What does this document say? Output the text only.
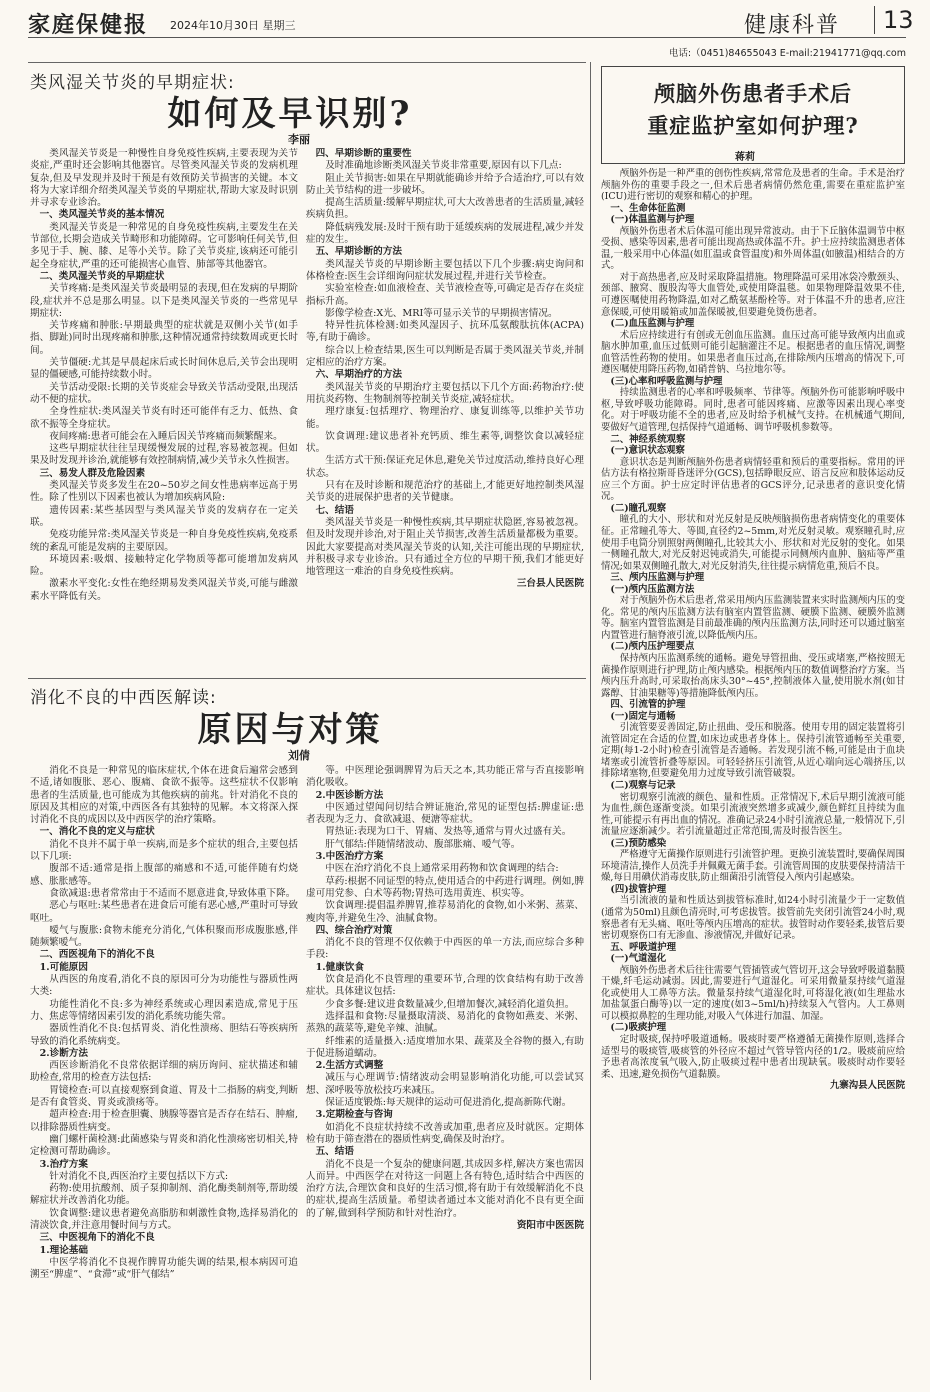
家庭保健报 2024年10月30日 星期三	健康科普	13
电话:（0451)84655043 E-mail:21941771@qq.com
类风湿关节炎的早期症状:
如何及早识别?
李丽

类风湿关节炎是一种慢性自身免疫性疾病,主要表现为关节炎症,严重时还会影响其他器官。尽管类风湿关节炎的发病机理复杂,但及早发现并及时干预是有效预防关节损害的关键。本文将为大家详细介绍类风湿关节炎的早期症状,帮助大家及时识别并寻求专业诊治。

一、类风湿关节炎的基本情况

类风湿关节炎是一种常见的自身免疫性疾病,主要发生在关节部位,长期会造成关节畸形和功能障碍。它可影响任何关节,但多见于手、腕、膝、足等小关节。除了关节炎症,该病还可能引起全身症状,严重的还可能损害心血管、肺部等其他器官。

二、类风湿关节炎的早期症状

关节疼痛:是类风湿关节炎最明显的表现,但在发病的早期阶段,症状并不总是那么明显。以下是类风湿关节炎的一些常见早期症状:

关节疼痛和肿胀:早期最典型的症状就是双侧小关节(如手指、脚趾)同时出现疼痛和肿胀,这种情况通常持续数周或更长时间。

关节僵硬:尤其是早晨起床后或长时间休息后,关节会出现明显的僵硬感,可能持续数小时。

关节活动受限:长期的关节炎症会导致关节活动受限,出现活动不便的症状。

全身性症状:类风湿关节炎有时还可能伴有乏力、低热、食欲不振等全身症状。

夜间疼痛:患者可能会在入睡后因关节疼痛而频繁醒来。

这些早期症状往往呈现缓慢发展的过程,容易被忽视。但如果及时发现并诊治,就能够有效控制病情,减少关节永久性损害。

三、易发人群及危险因素

类风湿关节炎多发生在20~50岁之间女性患病率远高于男性。除了性别以下因素也被认为增加疾病风险:

遗传因素:某些基因型与类风湿关节炎的发病存在一定关联。

免疫功能异常:类风湿关节炎是一种自身免疫性疾病,免疫系统的紊乱可能是发病的主要原因。

环境因素:吸烟、接触特定化学物质等都可能增加发病风险。

激素水平变化:女性在绝经期易发类风湿关节炎,可能与雌激素水平降低有关。

四、早期诊断的重要性

及时准确地诊断类风湿关节炎非常重要,原因有以下几点:

阻止关节损害:如果在早期就能确诊并给予合适治疗,可以有效防止关节结构的进一步破坏。

提高生活质量:缓解早期症状,可大大改善患者的生活质量,减轻疾病负担。

降低病残发展:及时干预有助于延缓疾病的发展进程,减少并发症的发生。

五、早期诊断的方法

类风湿关节炎的早期诊断主要包括以下几个步骤:病史询问和体格检查:医生会详细询问症状发展过程,并进行关节检查。

实验室检查:如血液检查、关节液检查等,可确定是否存在炎症指标升高。

影像学检查:X光、MRI等可显示关节的早期损害情况。

特异性抗体检测:如类风湿因子、抗环瓜氨酸肽抗体(ACPA)等,有助于确诊。

综合以上检查结果,医生可以判断是否属于类风湿关节炎,并制定相应的治疗方案。

六、早期治疗的方法

类风湿关节炎的早期治疗主要包括以下几个方面:药物治疗:使用抗炎药物、生物制剂等控制关节炎症,减轻症状。

理疗康复:包括理疗、物理治疗、康复训练等,以维护关节功能。

饮食调理:建议患者补充钙质、维生素等,调整饮食以减轻症状。

生活方式干预:保证充足休息,避免关节过度活动,维持良好心理状态。

只有在及时诊断和规范治疗的基础上,才能更好地控制类风湿关节炎的进展保护患者的关节健康。

七、结语

类风湿关节炎是一种慢性疾病,其早期症状隐匿,容易被忽视。但及时发现并诊治,对于阻止关节损害,改善生活质量都极为重要。因此大家要提高对类风湿关节炎的认知,关注可能出现的早期症状,并积极寻求专业诊治。只有通过全方位的早期干预,我们才能更好地管理这一难治的自身免疫性疾病。

三台县人民医院

消化不良的中西医解读:
原因与对策
刘倩

消化不良是一种常见的临床症状,个体在进食后遍常会感到不适,诸如腹胀、恶心、腹痛、食欲不振等。这些症状不仅影响患者的生活质量,也可能成为其他疾病的前兆。针对消化不良的原因及其相应的对策,中西医各有其独特的见解。本文将深入探讨消化不良的成因以及中西医学的治疗策略。

一、消化不良的定义与症状

消化不良并不属于单一疾病,而是多个症状的组合,主要包括以下几项:

腹部不适:通常是指上腹部的痛感和不适,可能伴随有灼烧感、胀胀感等。

食欲减退:患者常常由于不适而不愿意进食,导致体重下降。

恶心与呕吐:某些患者在进食后可能有恶心感,严重时可导致呕吐。

嗳气与腹胀:食物未能充分消化,气体积聚而形成腹胀感,伴随频繁嗳气。

二、西医视角下的消化不良

1.可能原因

从西医的角度看,消化不良的原因可分为功能性与器质性两大类:

功能性消化不良:多为神经系统或心理因素造成,常见于压力、焦虑等情绪因素引发的消化系统功能失常。

器质性消化不良:包括胃炎、消化性溃疡、胆结石等疾病所导致的消化系统病变。

2.诊断方法

西医诊断消化不良常依据详细的病历询问、症状描述和辅助检查,常用的检查方法包括:

胃镜检查:可以直接观察到食道、胃及十二指肠的病变,判断是否有食管炎、胃炎或溃疡等。

超声检查:用于检查胆囊、胰腺等器官是否存在结石、肿瘤,以排除器质性病变。

幽门螺杆菌检测:此菌感染与胃炎和消化性溃疡密切相关,特定检测可帮助确诊。

3.治疗方案

针对消化不良,西医治疗主要包括以下方式:

药物:使用抗酸剂、质子泵抑制剂、消化酶类制剂等,帮助缓解症状并改善消化功能。

饮食调整:建议患者避免高脂肪和刺激性食物,选择易消化的清淡饮食,并注意用餐时间与方式。

三、中医视角下的消化不良

1.理论基础

中医学将消化不良视作脾胃功能失调的结果,根本病因可追溯至“脾虚”、“食滞”或“肝气郁结”

等。中医理论强调脾胃为后天之本,其功能正常与否直接影响消化吸收。

2.中医诊断方法

中医通过望闻问切结合辨证施治,常见的证型包括:脾虚证:患者表现为乏力、食欲减退、便溏等症状。

胃热证:表现为口干、胃痛、发热等,通常与胃火过盛有关。

肝气郁结:伴随情绪波动、腹部胀痛、嗳气等。

3.中医治疗方案

中医在治疗消化不良上通常采用药物和饮食调理的结合:

草药:根据不同证型的特点,使用适合的中药进行调理。例如,脾虚可用党参、白术等药物;胃热可选用黄连、枳实等。

饮食调理:提倡温养脾胃,推荐易消化的食物,如小米粥、蒸菜、瘦肉等,并避免生冷、油腻食物。

四、综合治疗对策

消化不良的管理不仅依赖于中西医的单一方法,而应综合多种手段:

1.健康饮食

饮食是消化不良管理的重要环节,合理的饮食结构有助于改善症状。具体建议包括:

少食多餐:建议进食数量减少,但增加餐次,减轻消化道负担。

选择温和食物:尽量摄取清淡、易消化的食物如燕麦、米粥、蒸熟的蔬菜等,避免辛辣、油腻。

纤维素的适量摄入:适度增加水果、蔬菜及全谷物的摄入,有助于促进肠道蠕动。

2.生活方式调整

减压与心理调节:情绪波动会明显影响消化功能,可以尝试冥想、深呼吸等放松技巧来减压。

保证适度锻炼:每天规律的运动可促进消化,提高新陈代谢。

3.定期检查与咨询

如消化不良症状持续不改善或加重,患者应及时就医。定期体检有助于筛查潜在的器质性病变,确保及时治疗。

五、结语

消化不良是一个复杂的健康问题,其成因多样,解决方案也需因人而异。中西医学在对待这一问题上各有特色,适时结合中西医的治疗方法,合理饮食和良好的生活习惯,将有助于有效缓解消化不良的症状,提高生活质量。希望读者通过本文能对消化不良有更全面的了解,做到科学预防和针对性治疗。

资阳市中医医院

颅脑外伤患者手术后
重症监护室如何护理?
蒋莉

颅脑外伤是一种严重的创伤性疾病,常常危及患者的生命。手术是治疗颅脑外伤的重要手段之一,但术后患者病情仍然危重,需要在重症监护室(ICU)进行密切的观察和精心的护理。

一、生命体征监测

(一)体温监测与护理

颅脑外伤患者术后体温可能出现异常波动。由于下丘脑体温调节中枢受损、感染等因素,患者可能出现高热或体温不升。护士应持续监测患者体温,一般采用中心体温(如肛温或食管温度)和外周体温(如腋温)相结合的方式。

对于高热患者,应及时采取降温措施。物理降温可采用冰袋冷敷颈头、颈部、腋窝、腹股沟等大血管处,或使用降温毯。如果物理降温效果不佳,可遵医嘱使用药物降温,如对乙酰氨基酚栓等。对于体温不升的患者,应注意保暖,可使用暖箱或加盖保暖被,但要避免烫伤患者。

(二)血压监测与护理

术后应持续进行有创或无创血压监测。血压过高可能导致颅内出血或脑水肿加重,血压过低则可能引起脑灌注不足。根据患者的血压情况,调整血管活性药物的使用。如果患者血压过高,在排除颅内压增高的情况下,可遵医嘱使用降压药物,如硝普钠、乌拉地尔等。

(三)心率和呼吸监测与护理

持续监测患者的心率和呼吸频率、节律等。颅脑外伤可能影响呼吸中枢,导致呼吸功能障碍。同时,患者可能因疼痛、应激等因素出现心率变化。对于呼吸功能不全的患者,应及时给予机械气支持。在机械通气期间,要做好气道管理,包括保持气道通畅、调节呼吸机参数等。

二、神经系统观察

(一)意识状态观察

意识状态是判断颅脑外伤患者病情轻重和预后的重要指标。常用的评估方法有格拉斯哥昏迷评分(GCS),包括睁眼反应、语言反应和肢体运动反应三个方面。护士应定时评估患者的GCS评分,记录患者的意识变化情况。

(二)瞳孔观察

瞳孔的大小、形状和对光反射是反映颅脑损伤患者病情变化的重要体征。正常瞳孔等大、等圆,直径约2~5mm,对光反射灵敏。观察瞳孔时,应使用手电筒分别照射两侧瞳孔,比较其大小、形状和对光反射的变化。如果一侧瞳孔散大,对光反射迟钝或消失,可能提示同侧颅内血肿、脑疝等严重情况;如果双侧瞳孔散大,对光反射消失,往往提示病情危重,预后不良。

三、颅内压监测与护理

(一)颅内压监测方法

对于颅脑外伤术后患者,常采用颅内压监测装置来实时监测颅内压的变化。常见的颅内压监测方法有脑室内置管监测、硬膜下监测、硬膜外监测等。脑室内置管监测是目前最准确的颅内压监测方法,同时还可以通过脑室内置管进行脑脊液引流,以降低颅内压。

(二)颅内压护理要点

保持颅内压监测系统的通畅。避免导管扭曲、受压或堵塞,严格按照无菌操作原则进行护理,防止颅内感染。根据颅内压的数值调整治疗方案。当颅内压升高时,可采取抬高床头30°~45°,控制液体入量,使用脱水剂(如甘露醇、甘油果糖等)等措施降低颅内压。

四、引流管的护理

(一)固定与通畅

引流管要妥善固定,防止扭曲、受压和脱落。使用专用的固定装置将引流管固定在合适的位置,如床边或患者身体上。保持引流管通畅至关重要,定期(每1-2小时)检查引流管是否通畅。若发现引流不畅,可能是由于血块堵塞或引流管折叠等原因。可轻轻挤压引流管,从近心端向远心端挤压,以排除堵塞物,但要避免用力过度导致引流管破裂。

(二)观察与记录

密切观察引流液的颜色、量和性质。正常情况下,术后早期引流液可能为血性,颜色逐渐变淡。如果引流液突然增多或减少,颜色鲜红且持续为血性,可能提示有再出血的情况。准确记录24小时引流液总量,一般情况下,引流量应逐渐减少。若引流量超过正常范围,需及时报告医生。

(三)预防感染

严格遵守无菌操作原则进行引流管护理。更换引流装置时,要确保周围环境清洁,操作人员洗手并佩戴无菌手套。引流管周围的皮肤要保持清洁干燥,每日用碘伏消毒皮肤,防止细菌沿引流管侵入颅内引起感染。

(四)拔管护理

当引流液的量和性质达到拔管标准时,如24小时引流量少于一定数值(通常为50ml)且颜色清亮时,可考虑拔管。拔管前先夹闭引流管24小时,观察患者有无头痛、呕吐等颅内压增高的症状。拔管时动作要轻柔,拔管后要密切观察伤口有无渗血、渗液情况,并做好记录。

五、呼吸道护理

(一)气道湿化

颅脑外伤患者术后往往需要气管插管或气管切开,这会导致呼吸道黏膜干燥,纤毛运动减弱。因此,需要进行气道湿化。可采用微量泵持续气道湿化或使用人工鼻等方法。微量泵持续气道湿化时,可将湿化液(如生理盐水加盐氯蛋白酶等)以一定的速度(如3~5ml/h)持续泵入气管内。人工鼻则可以模拟鼻腔的生理功能,对吸入气体进行加温、加湿。

(二)吸痰护理

定时吸痰,保持呼吸道通畅。吸痰时要严格遵循无菌操作原则,选择合适型号的吸痰管,吸痰管的外径应不超过气管导管内径的1/2。吸痰前应给予患者高浓度氧气吸入,防止吸痰过程中患者出现缺氧。吸痰时动作要轻柔、迅速,避免损伤气道黏膜。

九寨沟县人民医院
